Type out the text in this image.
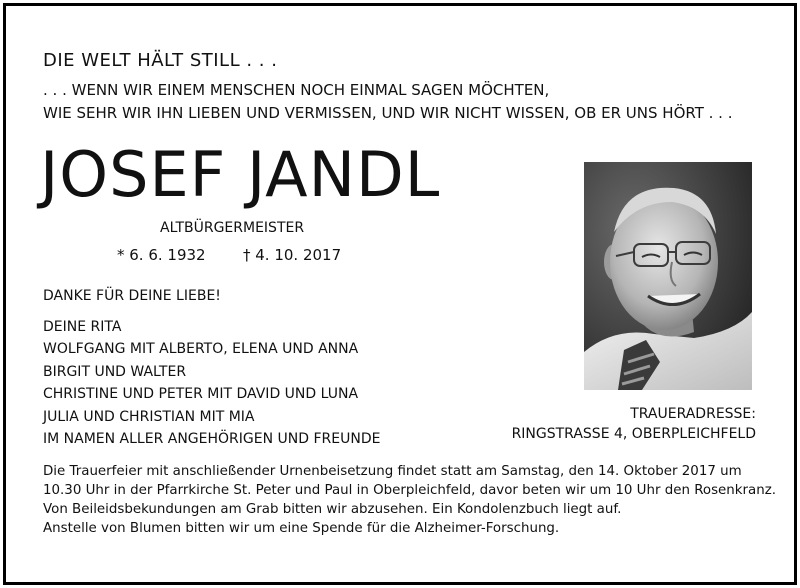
DIE WELT HÄLT STILL . . .
. . . WENN WIR EINEM MENSCHEN NOCH EINMAL SAGEN MÖCHTEN,
WIE SEHR WIR IHN LIEBEN UND VERMISSEN, UND WIR NICHT WISSEN, OB ER UNS HÖRT . . .
JOSEF JANDL
ALTBÜRGERMEISTER
* 6. 6. 1932 † 4. 10. 2017
DANKE FÜR DEINE LIEBE!
DEINE RITA
WOLFGANG MIT ALBERTO, ELENA UND ANNA
BIRGIT UND WALTER
CHRISTINE UND PETER MIT DAVID UND LUNA
JULIA UND CHRISTIAN MIT MIA
IM NAMEN ALLER ANGEHÖRIGEN UND FREUNDE
TRAUERADRESSE:
RINGSTRASSE 4, OBERPLEICHFELD

Die Trauerfeier mit anschließender Urnenbeisetzung findet statt am Samstag, den 14. Oktober 2017 um

10.30 Uhr in der Pfarrkirche St. Peter und Paul in Oberpleichfeld, davor beten wir um 10 Uhr den Rosenkranz.

Von Beileidsbekundungen am Grab bitten wir abzusehen. Ein Kondolenzbuch liegt auf.

Anstelle von Blumen bitten wir um eine Spende für die Alzheimer-Forschung.
